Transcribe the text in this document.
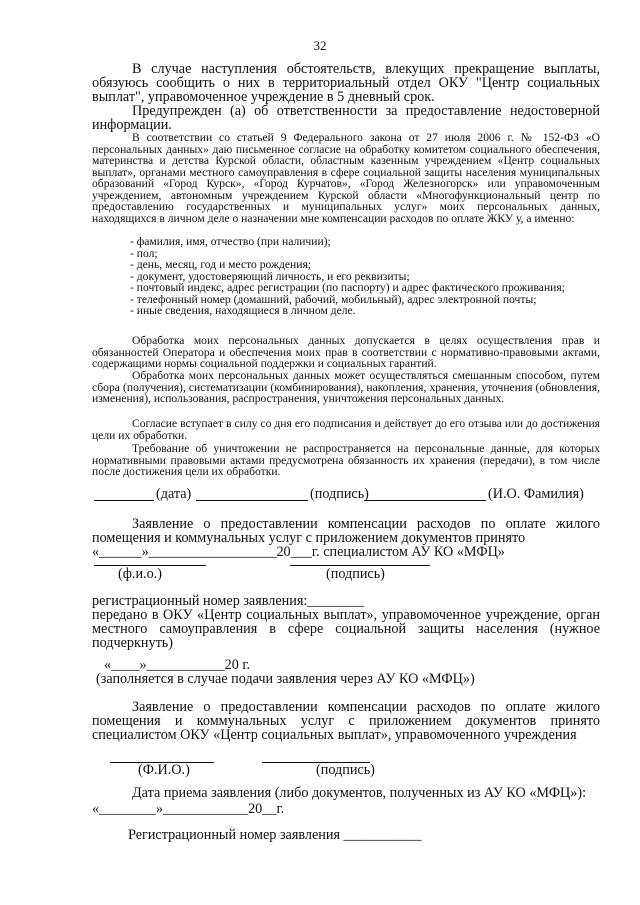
32
В случае наступления обстоятельств, влекущих прекращение выплаты, обязуюсь сообщить о них в территориальный отдел ОКУ "Центр социальных выплат", управомоченное учреждение в 5 дневный срок.
Предупрежден (а) об ответственности за предоставление недостоверной информации.
В соответствии со статьей 9 Федерального закона от 27 июля 2006 г. № 152-ФЗ «О персональных данных» даю письменное согласие на обработку комитетом социального обеспечения, материнства и детства Курской области, областным казенным учреждением «Центр социальных выплат», органами местного самоуправления в сфере социальной защиты населения муниципальных образований «Город Курск», «Город Курчатов», «Город Железногорск» или управомоченным учреждением, автономным учреждением Курской области «Многофункциональный центр по предоставлению государственных и муниципальных услуг» моих персональных данных, находящихся в личном деле о назначении мне компенсации расходов по оплате ЖКУ у, а именно:
- фамилия, имя, отчество (при наличии);
- пол;
- день, месяц, год и место рождения;
- документ, удостоверяющий личность, и его реквизиты;
- почтовый индекс, адрес регистрации (по паспорту) и адрес фактического проживания;
- телефонный номер (домашний, рабочий, мобильный), адрес электронной почты;
- иные сведения, находящиеся в личном деле.
Обработка моих персональных данных допускается в целях осуществления прав и обязанностей Оператора и обеспечения моих прав в соответствии с нормативно-правовыми актами, содержащими нормы социальной поддержки и социальных гарантий.
Обработка моих персональных данных может осуществляться смешанным способом, путем сбора (получения), систематизации (комбинирования), накопления, хранения, уточнения (обновления, изменения), использования, распространения, уничтожения персональных данных.
Согласие вступает в силу со дня его подписания и действует до его отзыва или до достижения цели их обработки.
Требование об уничтожении не распространяется на персональные данные, для которых нормативными правовыми актами предусмотрена обязанность их хранения (передачи), в том числе после достижения цели их обработки.
(дата)	(подпись)	(И.О. Фамилия)
Заявление о предоставлении компенсации расходов по оплате жилого помещения и коммунальных услуг с приложением документов принято
«______»__________________20___г. специалистом АУ КО «МФЦ»
(ф.и.о.)	(подпись)
регистрационный номер заявления:________
передано в ОКУ «Центр социальных выплат», управомоченное учреждение, орган местного самоуправления в сфере социальной защиты населения (нужное подчеркнуть)
«____»___________20 г.
(заполняется в случае подачи заявления через АУ КО «МФЦ»)
Заявление о предоставлении компенсации расходов по оплате жилого помещения и коммунальных услуг с приложением документов принято специалистом ОКУ «Центр социальных выплат», управомоченного учреждения
(Ф.И.О.)	(подпись)
Дата приема заявления (либо документов, полученных из АУ КО «МФЦ»):
«________»____________20__г.
Регистрационный номер заявления ___________
